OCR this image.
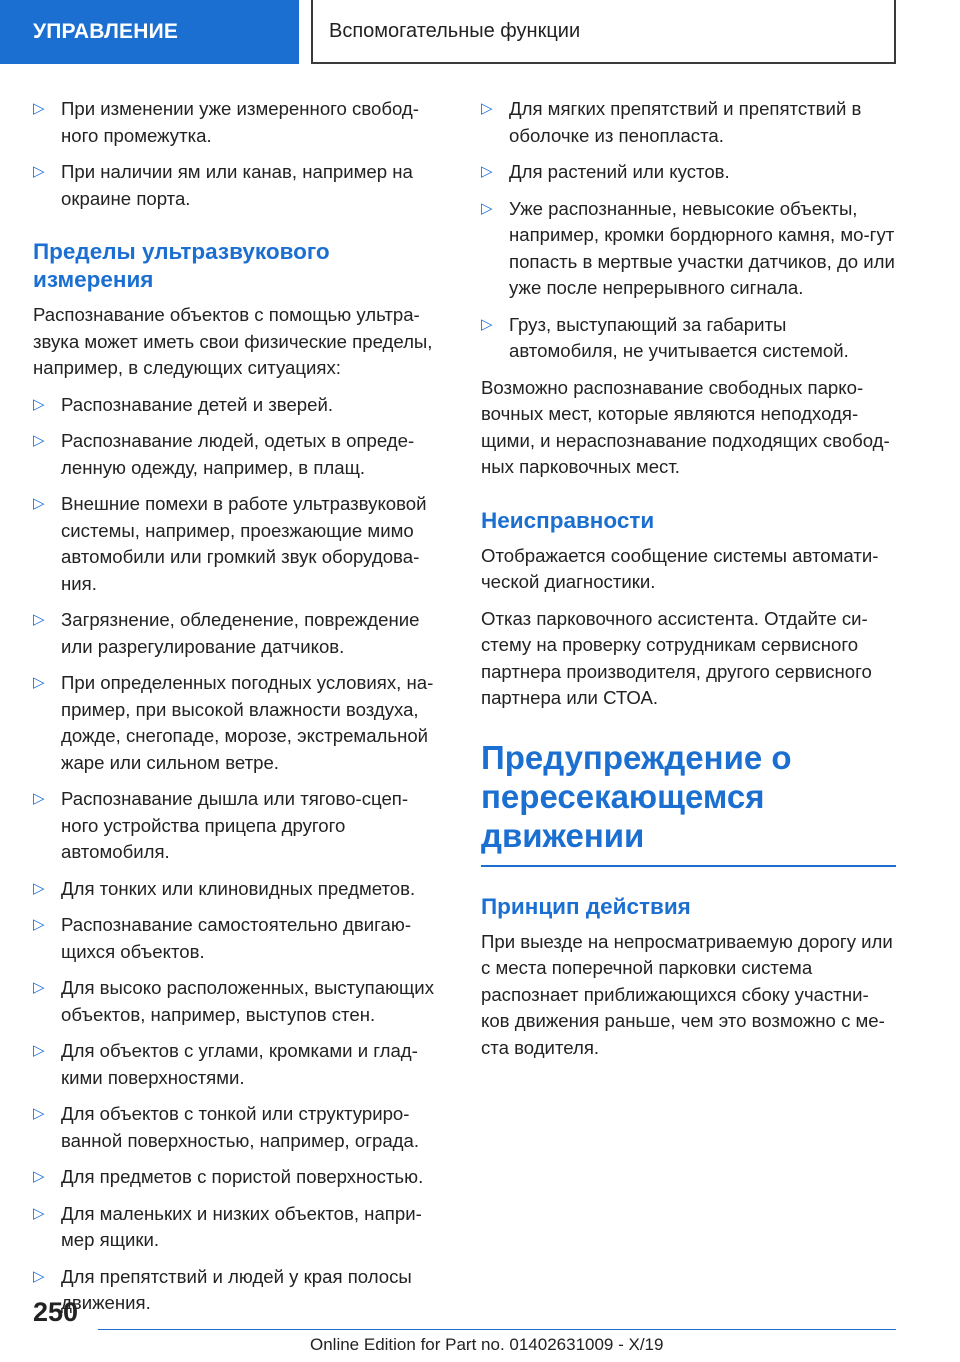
УПРАВЛЕНИЕ	Вспомогательные функции
▷ При изменении уже измеренного свобод-ного промежутка.
▷ При наличии ям или канав, например на окраине порта.
Пределы ультразвукового измерения

Распознавание объектов с помощью ультра-звука может иметь свои физические пределы, например, в следующих ситуациях:

▷ Распознавание детей и зверей.
▷ Распознавание людей, одетых в опреде-ленную одежду, например, в плащ.
▷ Внешние помехи в работе ультразвуковой системы, например, проезжающие мимо автомобили или громкий звук оборудова-ния.
▷ Загрязнение, обледенение, повреждение или разрегулирование датчиков.
▷ При определенных погодных условиях, на-пример, при высокой влажности воздуха, дожде, снегопаде, морозе, экстремальной жаре или сильном ветре.
▷ Распознавание дышла или тягово-сцеп-ного устройства прицепа другого автомобиля.
▷ Для тонких или клиновидных предметов.
▷ Распознавание самостоятельно двигаю-щихся объектов.
▷ Для высоко расположенных, выступающих объектов, например, выступов стен.
▷ Для объектов с углами, кромками и глад-кими поверхностями.
▷ Для объектов с тонкой или структуриро-ванной поверхностью, например, ограда.
▷ Для предметов с пористой поверхностью.
▷ Для маленьких и низких объектов, напри-мер ящики.
▷ Для препятствий и людей у края полосы движения.
▷ Для мягких препятствий и препятствий в оболочке из пенопласта.
▷ Для растений или кустов.
▷ Уже распознанные, невысокие объекты, например, кромки бордюрного камня, мо-гут попасть в мертвые участки датчиков, до или уже после непрерывного сигнала.
▷ Груз, выступающий за габариты автомобиля, не учитывается системой.

Возможно распознавание свободных парко-вочных мест, которые являются неподходя-щими, и нераспознавание подходящих свобод-ных парковочных мест.

Неисправности

Отображается сообщение системы автомати-ческой диагностики.

Отказ парковочного ассистента. Отдайте си-стему на проверку сотрудникам сервисного партнера производителя, другого сервисного партнера или СТОА.

Предупреждение о пересекающемся движении
Принцип действия

При выезде на непросматриваемую дорогу или с места поперечной парковки система распознает приближающихся сбоку участни-ков движения раньше, чем это возможно с ме-ста водителя.

250
Online Edition for Part no. 01402631009 - X/19
